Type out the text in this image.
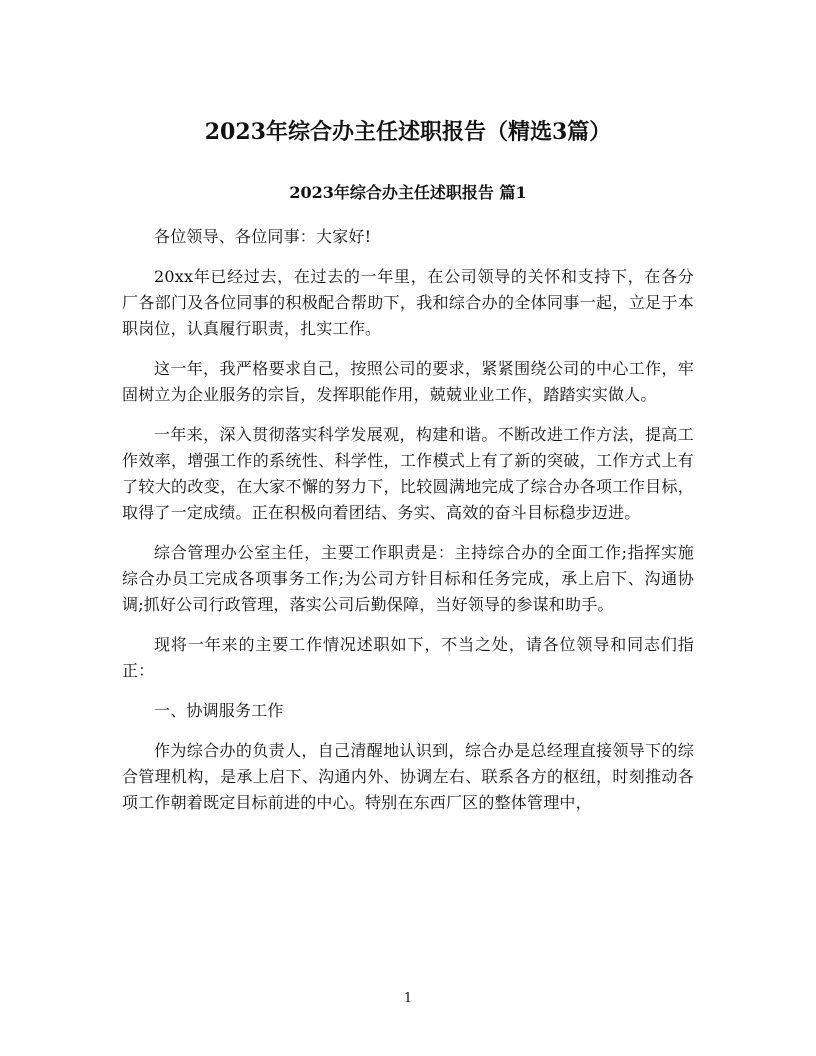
2023年综合办主任述职报告（精选3篇）
2023年综合办主任述职报告 篇1

各位领导、各位同事：大家好!

20xx年已经过去，在过去的一年里，在公司领导的关怀和支持下，在各分厂各部门及各位同事的积极配合帮助下，我和综合办的全体同事一起，立足于本职岗位，认真履行职责，扎实工作。

这一年，我严格要求自己，按照公司的要求，紧紧围绕公司的中心工作，牢固树立为企业服务的宗旨，发挥职能作用，兢兢业业工作，踏踏实实做人。

一年来，深入贯彻落实科学发展观，构建和谐。不断改进工作方法，提高工作效率，增强工作的系统性、科学性，工作模式上有了新的突破，工作方式上有了较大的改变，在大家不懈的努力下，比较圆满地完成了综合办各项工作目标，取得了一定成绩。正在积极向着团结、务实、高效的奋斗目标稳步迈进。

综合管理办公室主任，主要工作职责是：主持综合办的全面工作;指挥实施综合办员工完成各项事务工作;为公司方针目标和任务完成，承上启下、沟通协调;抓好公司行政管理，落实公司后勤保障，当好领导的参谋和助手。

现将一年来的主要工作情况述职如下，不当之处，请各位领导和同志们指正：

一、协调服务工作

作为综合办的负责人，自己清醒地认识到，综合办是总经理直接领导下的综合管理机构，是承上启下、沟通内外、协调左右、联系各方的枢纽，时刻推动各项工作朝着既定目标前进的中心。特别在东西厂区的整体管理中，

1
